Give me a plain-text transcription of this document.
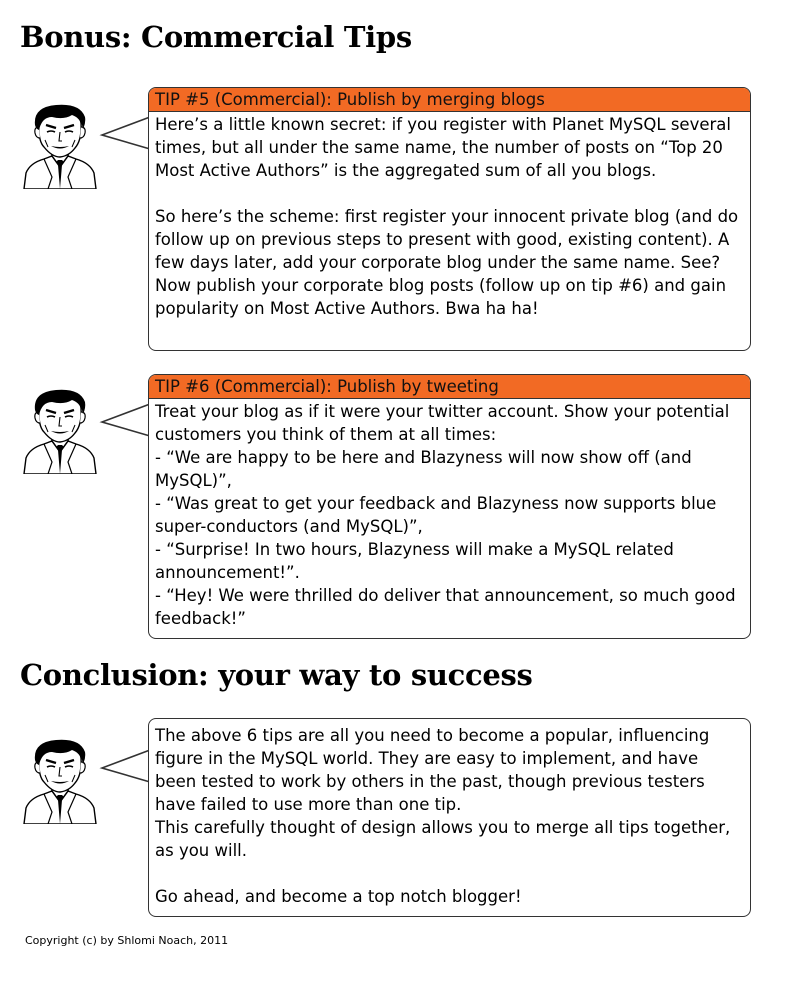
Bonus: Commercial Tips
TIP #5 (Commercial): Publish by merging blogs

Here’s a little known secret: if you register with Planet MySQL several times, but all under the same name, the number of posts on “Top 20 Most Active Authors” is the aggregated sum of all you blogs.

So here’s the scheme: first register your innocent private blog (and do follow up on previous steps to present with good, existing content). A few days later, add your corporate blog under the same name. See?

Now publish your corporate blog posts (follow up on tip #6) and gain popularity on Most Active Authors. Bwa ha ha!

TIP #6 (Commercial): Publish by tweeting

Treat your blog as if it were your twitter account. Show your potential customers you think of them at all times:

- “We are happy to be here and Blazyness will now show off (and MySQL)”,

- “Was great to get your feedback and Blazyness now supports blue super-conductors (and MySQL)”,

- “Surprise! In two hours, Blazyness will make a MySQL related announcement!”.

- “Hey! We were thrilled do deliver that announcement, so much good feedback!”

Conclusion: your way to success

The above 6 tips are all you need to become a popular, influencing figure in the MySQL world. They are easy to implement, and have been tested to work by others in the past, though previous testers have failed to use more than one tip.

This carefully thought of design allows you to merge all tips together, as you will.

Go ahead, and become a top notch blogger!

Copyright (c) by Shlomi Noach, 2011
